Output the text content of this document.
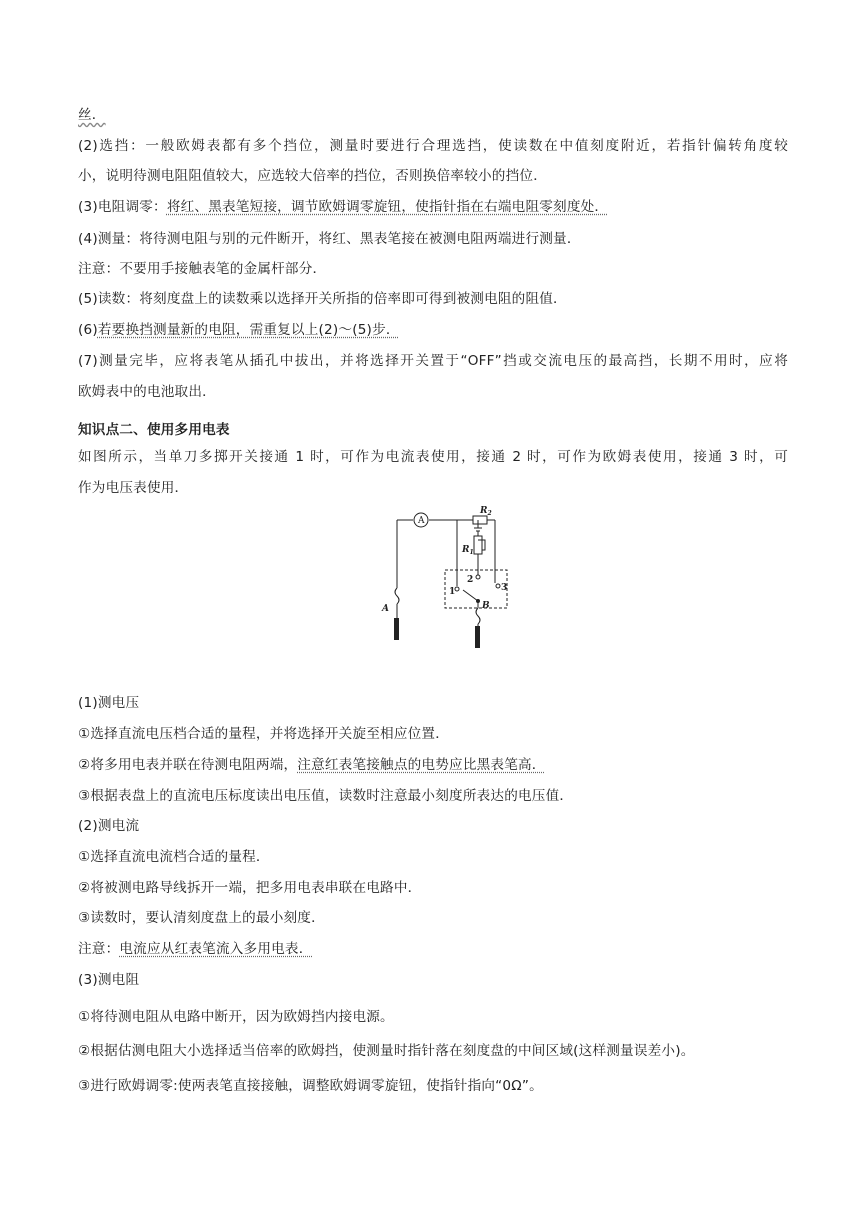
丝．
(2)选挡：一般欧姆表都有多个挡位，测量时要进行合理选挡，使读数在中值刻度附近，若指针偏转角度较
小，说明待测电阻阻值较大，应选较大倍率的挡位，否则换倍率较小的挡位．
(3)电阻调零：将红、黑表笔短接，调节欧姆调零旋钮，使指针指在右端电阻零刻度处．
(4)测量：将待测电阻与别的元件断开，将红、黑表笔接在被测电阻两端进行测量．
注意：不要用手接触表笔的金属杆部分．
(5)读数：将刻度盘上的读数乘以选择开关所指的倍率即可得到被测电阻的阻值．
(6)若要换挡测量新的电阻，需重复以上(2)～(5)步．
(7)测量完毕，应将表笔从插孔中拔出，并将选择开关置于“OFF”挡或交流电压的最高挡，长期不用时，应将
欧姆表中的电池取出．
知识点二、使用多用电表
如图所示，当单刀多掷开关接通 1 时，可作为电流表使用，接通 2 时，可作为欧姆表使用，接通 3 时，可
作为电压表使用．
A
$R_2$
$R_1$
2
1	3
A	B
(1)测电压
①选择直流电压档合适的量程，并将选择开关旋至相应位置．
②将多用电表并联在待测电阻两端，注意红表笔接触点的电势应比黑表笔高．
③根据表盘上的直流电压标度读出电压值，读数时注意最小刻度所表达的电压值．
(2)测电流
①选择直流电流档合适的量程．
②将被测电路导线拆开一端，把多用电表串联在电路中．
③读数时，要认清刻度盘上的最小刻度．
注意：电流应从红表笔流入多用电表．
(3)测电阻
①将待测电阻从电路中断开，因为欧姆挡内接电源。
②根据估测电阻大小选择适当倍率的欧姆挡，使测量时指针落在刻度盘的中间区域(这样测量误差小)。
③进行欧姆调零:使两表笔直接接触，调整欧姆调零旋钮，使指针指向“0Ω”。
